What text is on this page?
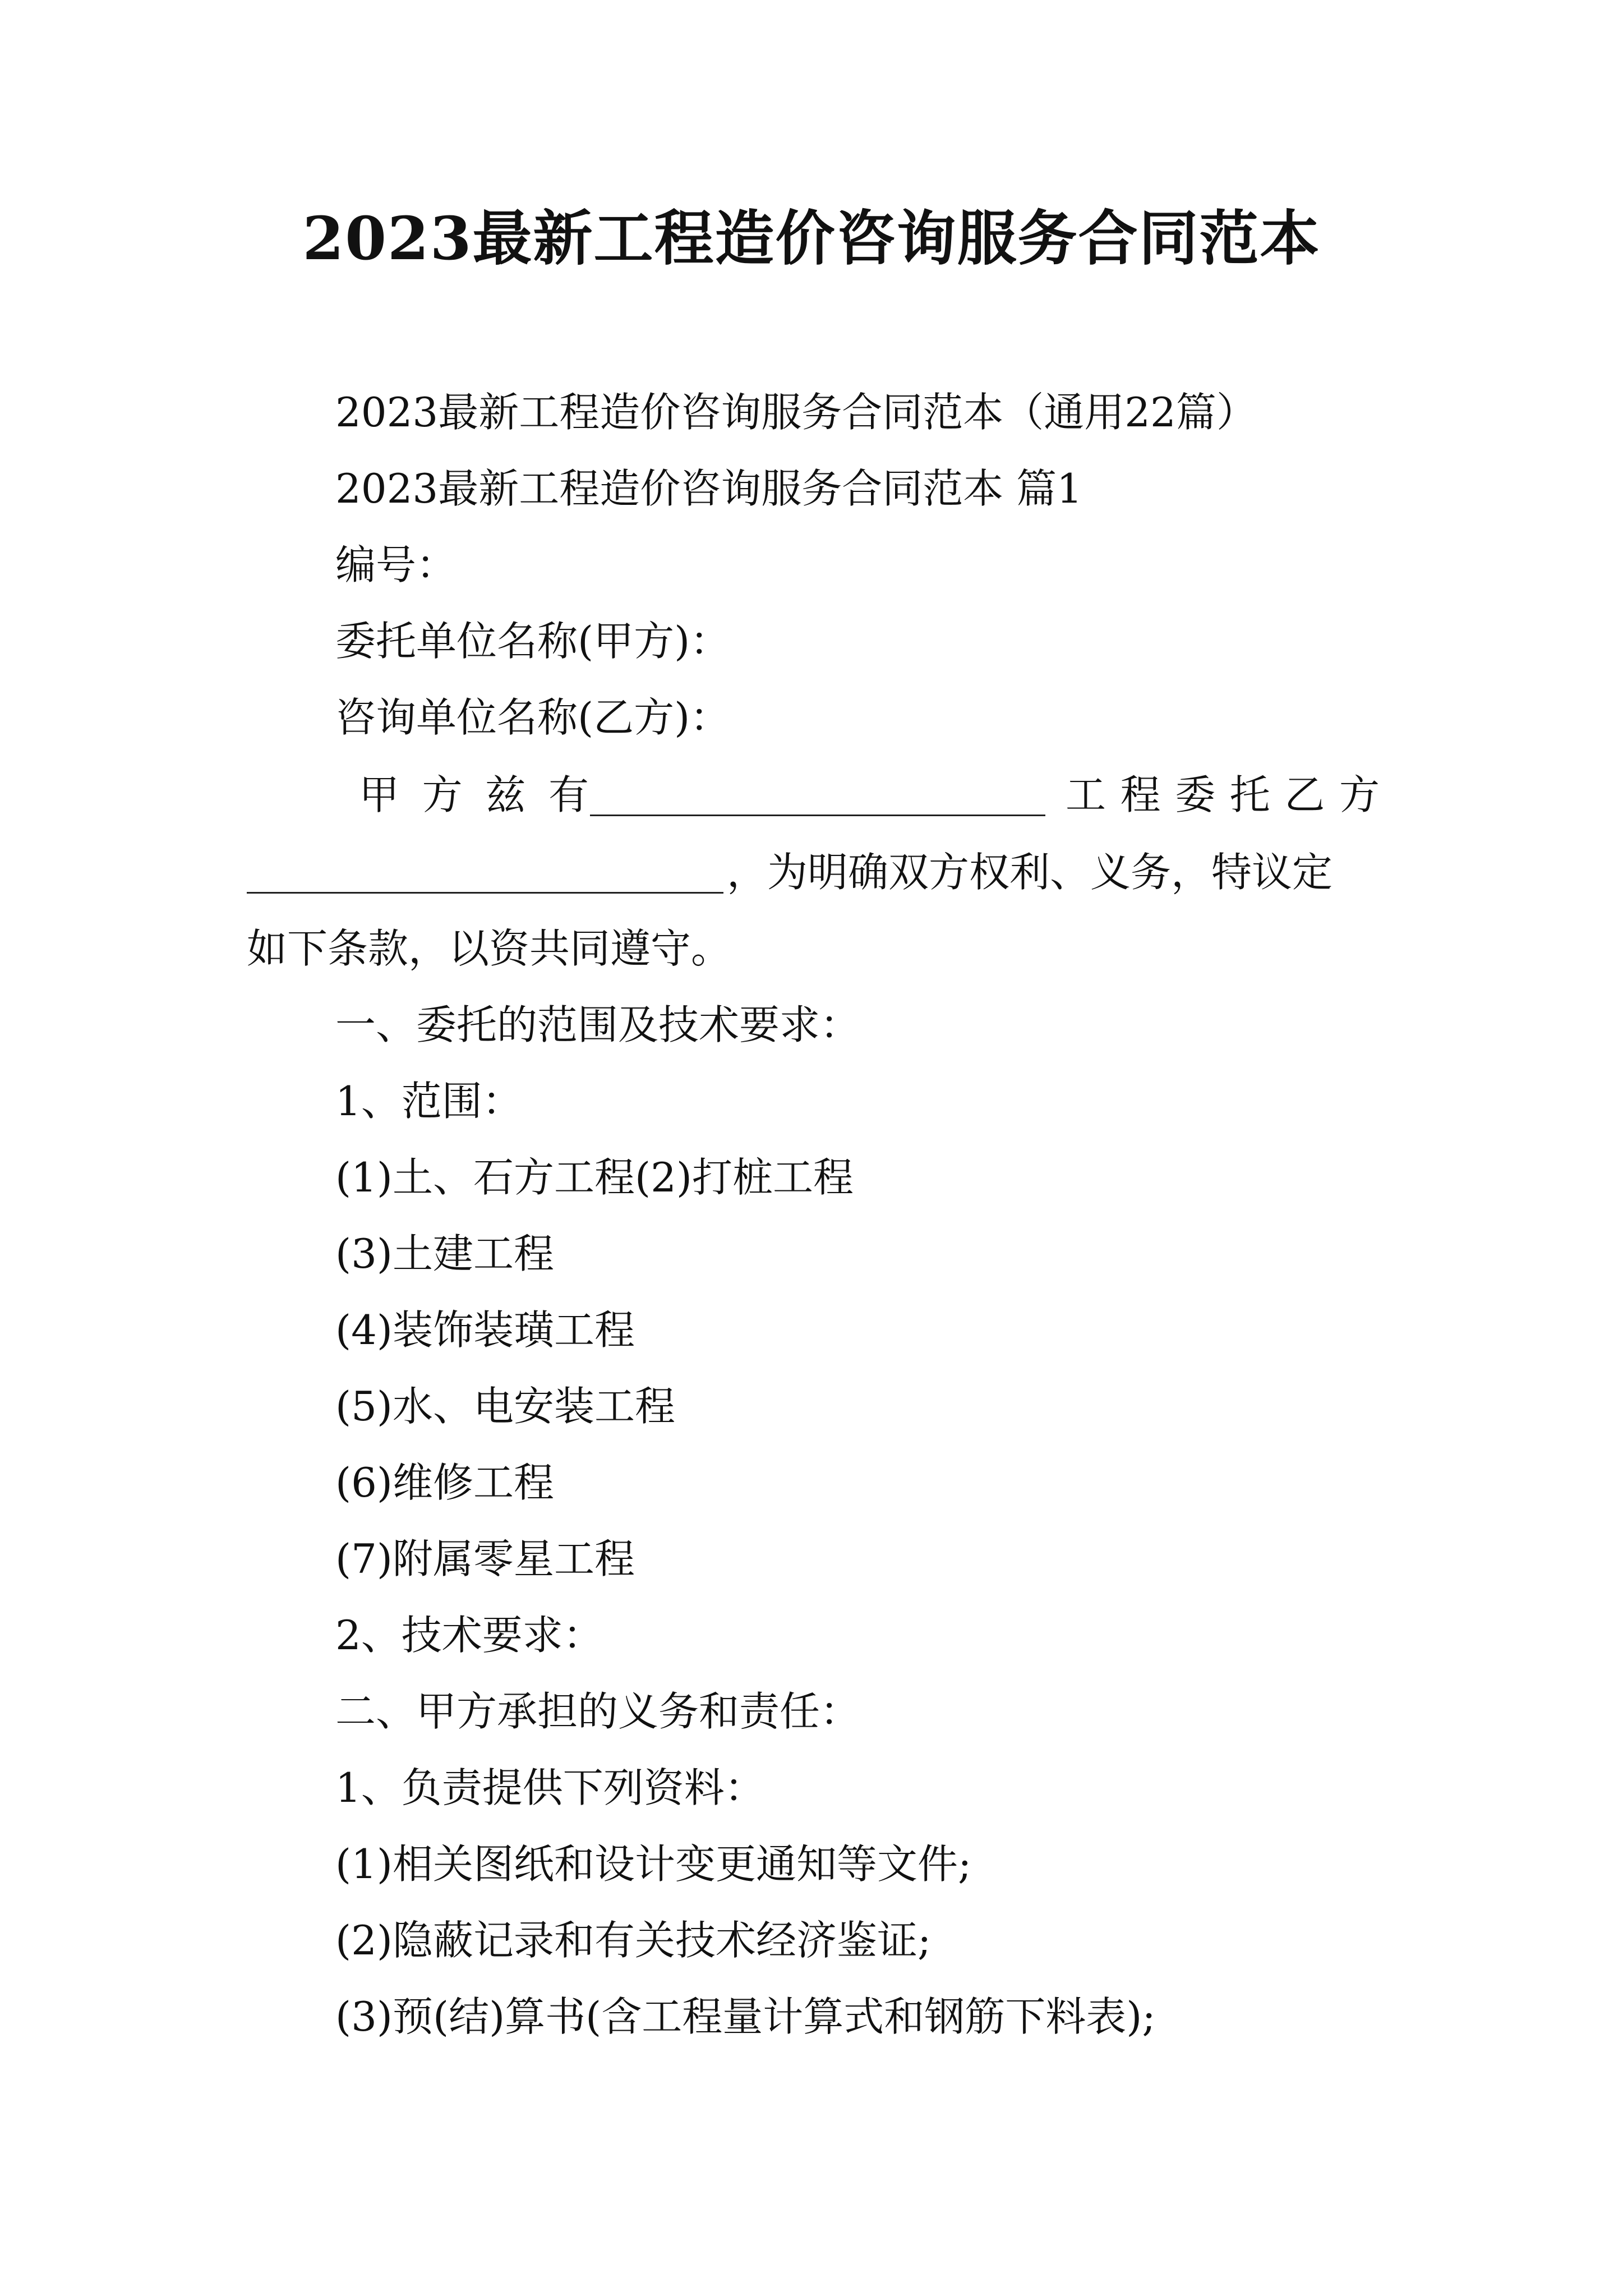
2023最新工程造价咨询服务合同范本
2023最新工程造价咨询服务合同范本（通用22篇）
2023最新工程造价咨询服务合同范本 篇1
编号：
委托单位名称(甲方)：
咨询单位名称(乙方)：
甲 方 兹 有	工 程 委 托 乙 方
，为明确双方权利、义务，特议定
如下条款，以资共同遵守。
一、委托的范围及技术要求：
1、范围：
(1)土、石方工程(2)打桩工程
(3)土建工程
(4)装饰装璜工程
(5)水、电安装工程
(6)维修工程
(7)附属零星工程
2、技术要求：
二、甲方承担的义务和责任：
1、负责提供下列资料：
(1)相关图纸和设计变更通知等文件;
(2)隐蔽记录和有关技术经济鉴证;
(3)预(结)算书(含工程量计算式和钢筋下料表);
